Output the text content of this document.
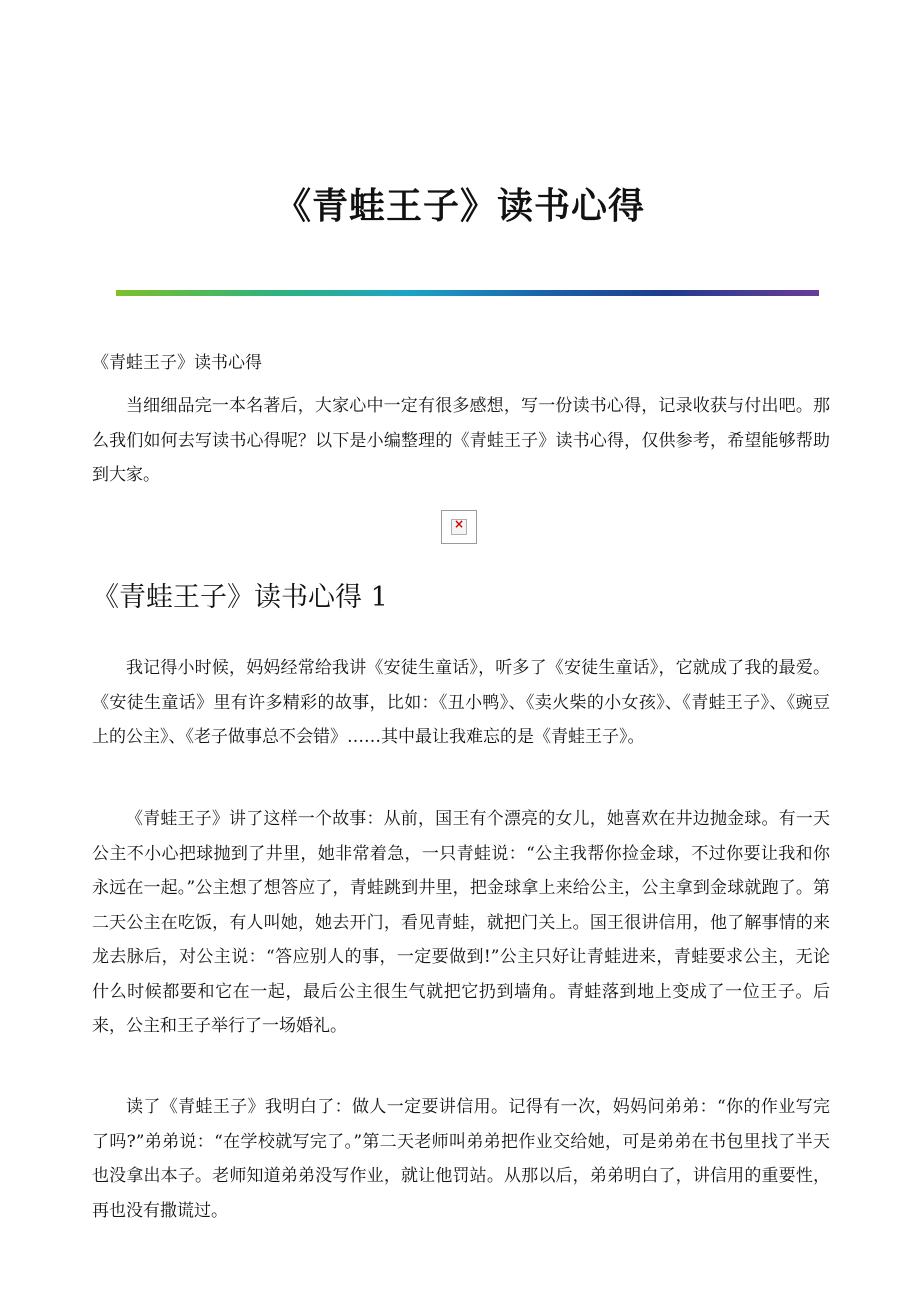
《青蛙王子》读书心得

《青蛙王子》读书心得

当细细品完一本名著后，大家心中一定有很多感想，写一份读书心得，记录收获与付出吧。那么我们如何去写读书心得呢？以下是小编整理的《青蛙王子》读书心得，仅供参考，希望能够帮助到大家。

×
《青蛙王子》读书心得 1

我记得小时候，妈妈经常给我讲《安徒生童话》，听多了《安徒生童话》，它就成了我的最爱。《安徒生童话》里有许多精彩的故事，比如：《丑小鸭》、《卖火柴的小女孩》、《青蛙王子》、《豌豆上的公主》、《老子做事总不会错》……其中最让我难忘的是《青蛙王子》。

《青蛙王子》讲了这样一个故事：从前，国王有个漂亮的女儿，她喜欢在井边抛金球。有一天公主不小心把球抛到了井里，她非常着急，一只青蛙说：“公主我帮你捡金球，不过你要让我和你永远在一起。”公主想了想答应了，青蛙跳到井里，把金球拿上来给公主，公主拿到金球就跑了。第二天公主在吃饭，有人叫她，她去开门，看见青蛙，就把门关上。国王很讲信用，他了解事情的来龙去脉后，对公主说：“答应别人的事，一定要做到!”公主只好让青蛙进来，青蛙要求公主，无论什么时候都要和它在一起，最后公主很生气就把它扔到墙角。青蛙落到地上变成了一位王子。后来，公主和王子举行了一场婚礼。

读了《青蛙王子》我明白了：做人一定要讲信用。记得有一次，妈妈问弟弟：“你的作业写完了吗?”弟弟说：“在学校就写完了。”第二天老师叫弟弟把作业交给她，可是弟弟在书包里找了半天也没拿出本子。老师知道弟弟没写作业，就让他罚站。从那以后，弟弟明白了，讲信用的重要性，再也没有撒谎过。
